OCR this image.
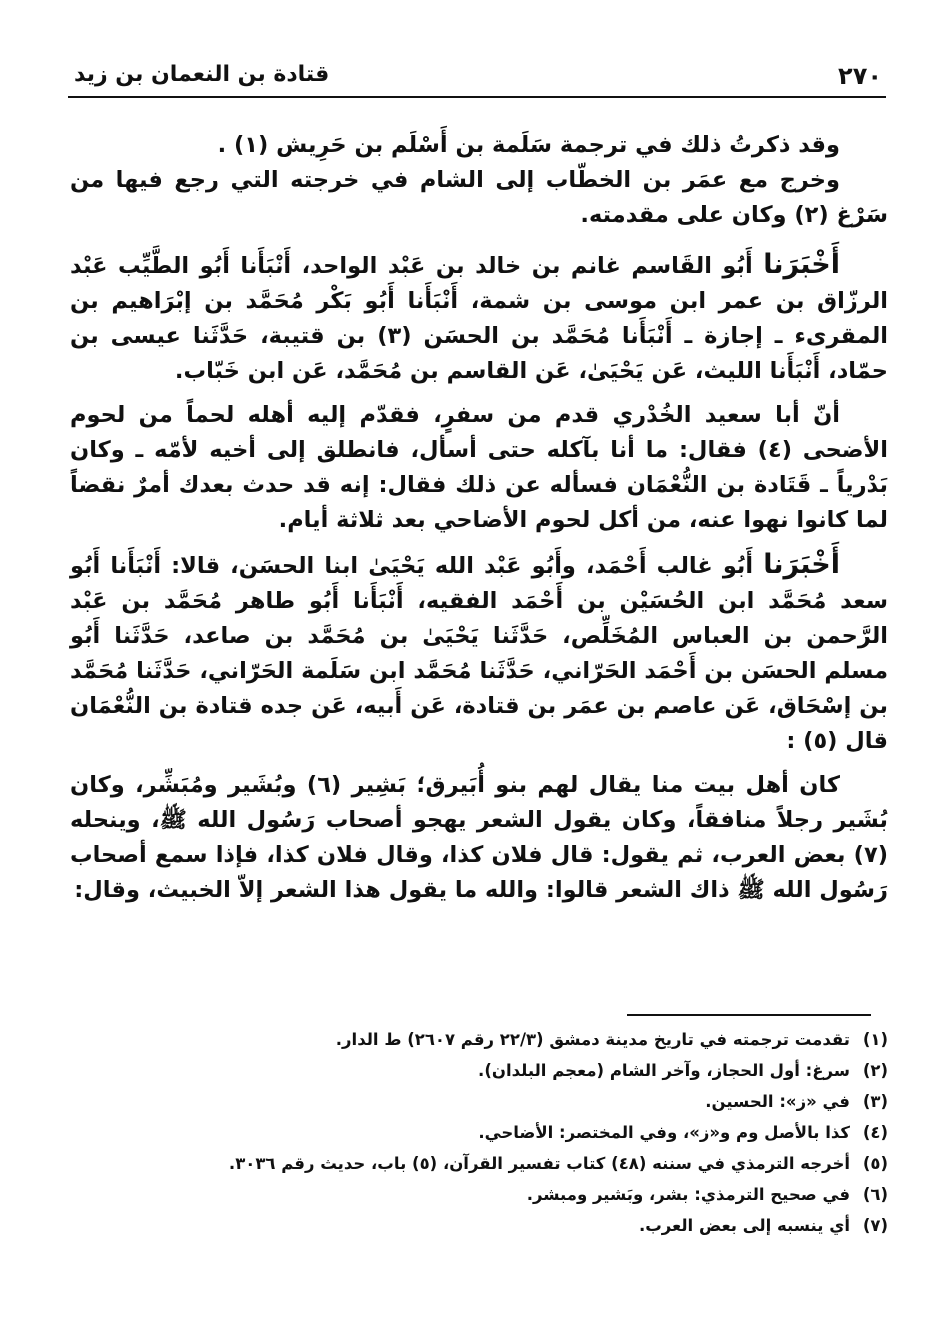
٢٧٠
قتادة بن النعمان بن زيد

وقد ذكرتُ ذلك في ترجمة سَلَمة بن أَسْلَم بن حَرِيش (١) .

وخرج مع عمَر بن الخطّاب إلى الشام في خرجته التي رجع فيها من سَرْغ (٢) وكان على مقدمته.

أَخْبَرَنا أَبُو القَاسم غانم بن خالد بن عَبْد الواحد، أَنْبَأَنا أَبُو الطَّيِّب عَبْد الرزّاق بن عمر ابن موسى بن شمة، أَنْبَأَنا أَبُو بَكْر مُحَمَّد بن إبْرَاهيم بن المقرىء ـ إجازة ـ أَنْبَأَنا مُحَمَّد بن الحسَن (٣) بن قتيبة، حَدَّثَنا عيسى بن حمّاد، أَنْبَأَنا الليث، عَن يَحْيَىٰ، عَن القاسم بن مُحَمَّد، عَن ابن خَبّاب.

أنّ أبا سعيد الخُدْري قدم من سفرٍ، فقدّم إليه أهله لحماً من لحوم الأضحى (٤) فقال: ما أنا بآكله حتى أسأل، فانطلق إلى أخيه لأمّه ـ وكان بَدْرياً ـ قَتَادة بن النُّعْمَان فسأله عن ذلك فقال: إنه قد حدث بعدك أمرٌ نقضاً لما كانوا نهوا عنه، من أكل لحوم الأضاحي بعد ثلاثة أيام.

أَخْبَرَنا أَبُو غالب أَحْمَد، وأَبُو عَبْد الله يَحْيَىٰ ابنا الحسَن، قالا: أَنْبَأَنا أَبُو سعد مُحَمَّد ابن الحُسَيْن بن أَحْمَد الفقيه، أَنْبَأَنا أَبُو طاهر مُحَمَّد بن عَبْد الرَّحمن بن العباس المُخَلِّص، حَدَّثَنا يَحْيَىٰ بن مُحَمَّد بن صاعد، حَدَّثَنا أَبُو مسلم الحسَن بن أَحْمَد الحَرّاني، حَدَّثَنا مُحَمَّد ابن سَلَمة الحَرّاني، حَدَّثَنا مُحَمَّد بن إسْحَاق، عَن عاصم بن عمَر بن قتادة، عَن أَبيه، عَن جده قتادة بن النُّعْمَان قال (٥) :

كان أهل بيت منا يقال لهم بنو أُبَيرق؛ بَشِير (٦) وبُشَير ومُبَشِّر، وكان بُشَير رجلاً منافقاً، وكان يقول الشعر يهجو أصحاب رَسُول الله ﷺ، وينحله (٧) بعض العرب، ثم يقول: قال فلان كذا، وقال فلان كذا، فإذا سمع أصحاب رَسُول الله ﷺ ذاك الشعر قالوا: والله ما يقول هذا الشعر إلاّ الخبيث، وقال:

(١)تقدمت ترجمته في تاريخ مدينة دمشق (٢٢/٣ رقم ٢٦٠٧) ط الدار.
(٢)سرغ: أول الحجاز، وآخر الشام (معجم البلدان).
(٣)في «ز»: الحسين.
(٤)كذا بالأصل وم و«ز»، وفي المختصر: الأضاحي.
(٥)أخرجه الترمذي في سننه (٤٨) كتاب تفسير القرآن، (٥) باب، حديث رقم ٣٠٣٦.
(٦)في صحيح الترمذي: بشر، وبَشير ومبشر.
(٧)أي ينسبه إلى بعض العرب.
